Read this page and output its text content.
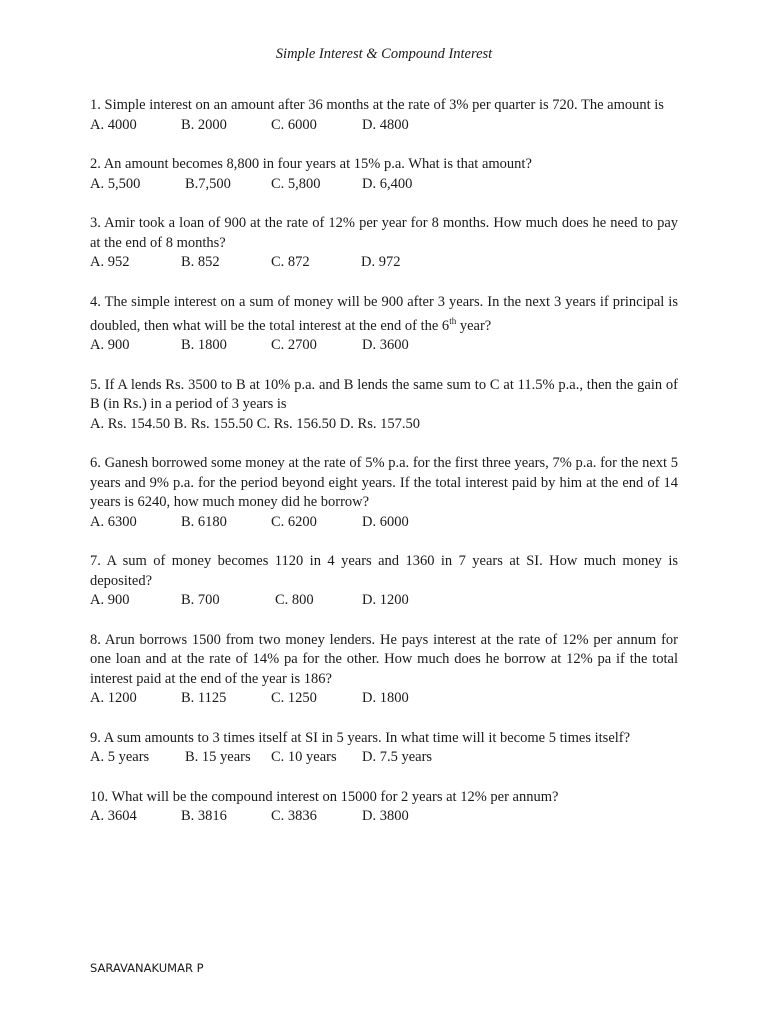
Simple Interest & Compound Interest

1. Simple interest on an amount after 36 months at the rate of 3% per quarter is 720. The amount is

A. 4000	B. 2000	C. 6000	D. 4800

2. An amount becomes 8,800 in four years at 15% p.a. What is that amount?

A. 5,500	B.7,500	C. 5,800	D. 6,400

3. Amir took a loan of 900 at the rate of 12% per year for 8 months. How much does he need to pay at the end of 8 months?

A. 952	B. 852	C. 872	D. 972

4. The simple interest on a sum of money will be 900 after 3 years. In the next 3 years if principal is doubled, then what will be the total interest at the end of the 6th year?

A. 900	B. 1800	C. 2700	D. 3600

5. If A lends Rs. 3500 to B at 10% p.a. and B lends the same sum to C at 11.5% p.a., then the gain of B (in Rs.) in a period of 3 years is

A. Rs. 154.50 B. Rs. 155.50 C. Rs. 156.50 D. Rs. 157.50

6. Ganesh borrowed some money at the rate of 5% p.a. for the first three years, 7% p.a. for the next 5 years and 9% p.a. for the period beyond eight years. If the total interest paid by him at the end of 14 years is 6240, how much money did he borrow?

A. 6300	B. 6180	C. 6200	D. 6000

7. A sum of money becomes 1120 in 4 years and 1360 in 7 years at SI. How much money is deposited?

A. 900	B. 700	C. 800	D. 1200

8. Arun borrows 1500 from two money lenders. He pays interest at the rate of 12% per annum for one loan and at the rate of 14% pa for the other. How much does he borrow at 12% pa if the total interest paid at the end of the year is 186?

A. 1200	B. 1125	C. 1250	D. 1800

9. A sum amounts to 3 times itself at SI in 5 years. In what time will it become 5 times itself?

A. 5 years B. 15 years C. 10 years D. 7.5 years

10. What will be the compound interest on 15000 for 2 years at 12% per annum?

A. 3604	B. 3816	C. 3836	D. 3800
SARAVANAKUMAR P
